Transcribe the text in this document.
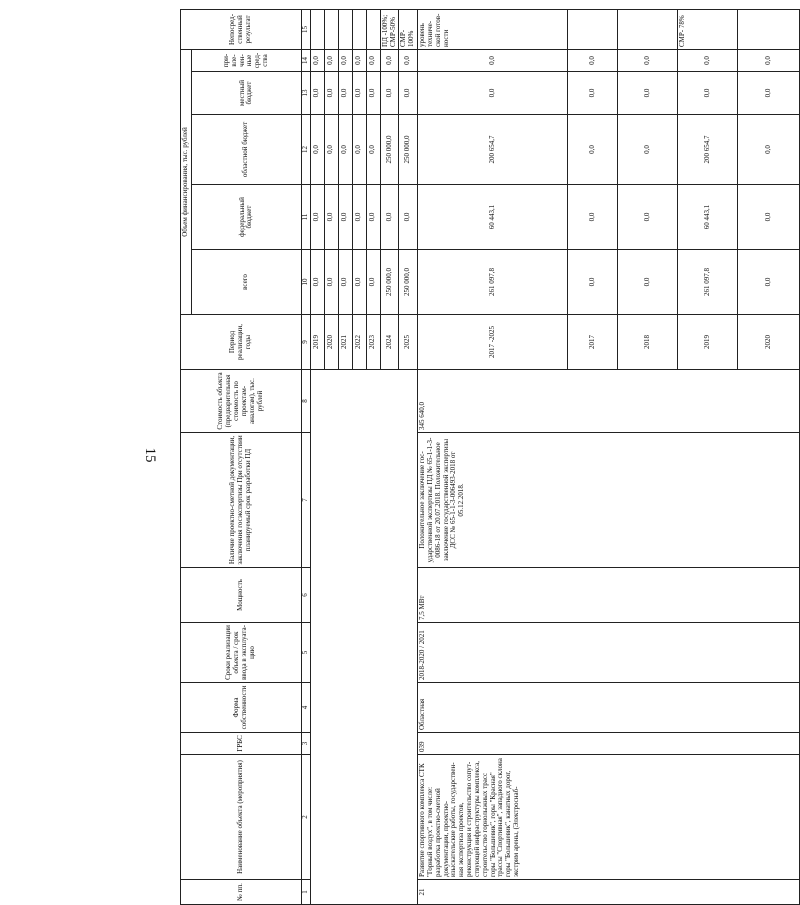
15
№ пп.	Наименование объекта (мероприятия)	ГРБС	Форма собственности	Сроки реализации объекта / срок ввода в эксплуатацию	Мощность	Наличие проектно-сметной документации, заключения госэкспертизы При отсутствии планируемый срок разработки ПД	Стоимость объекта (предварительная стоимость по проектам-аналогам), тыс. рублей	Период реализации, годы	Объем финансирования, тыс. рублей					Непосредственный результат
									всего	федеральный бюджет	областной бюджет	местный бюджет	привлеченные средства	
1	2	3	4	5	6	7	8	9	10	11	12	13	14	15
								2019	0,0	0,0	0,0	0,0	0,0	
								2020	0,0	0,0	0,0	0,0	0,0	
								2021	0,0	0,0	0,0	0,0	0,0	
								2022	0,0	0,0	0,0	0,0	0,0	
								2023	0,0	0,0	0,0	0,0	0,0	
								2024	250 000,0	0,0	250 000,0	0,0	0,0	ПД -100%; СМР-50%
								2025	250 000,0	0,0	250 000,0	0,0	0,0	СМР- 100%
21	Развитие спортивного комплекса СТК "Горный воздух", в том числе: разработка проектно-сметной документации, проектно-изыскательские работы, государственная экспертиза проектов, реконструкция и строительство сопутствующей инфраструктуры комплекса, строительство горнолыжных трасс горы "Большевик", горы "Красная" трассы "Спортивная", западного склона горы "Большевик", канатных дорог, экстрим арены, (Электроснаб-	039	Областная	2018-2020 / 2021	7,5 МВт	Положительное заключение государственной экспертизы ПД № 65-1-1-3-0086-18 от 20.07.2018. Положительное заключение государственной экспертизы ДСС № 65-1-1-3-006493-2018 от 05.12.2018.	345 640,0	2017 -2025	261 097,8	60 443,1	200 654,7	0,0	0,0	уровень технической готовности
								2017	0,0	0,0	0,0	0,0	0,0	
								2018	0,0	0,0	0,0	0,0	0,0	
								2019	261 097,8	60 443,1	200 654,7	0,0	0,0	СМР- 78%
								2020	0,0	0,0	0,0	0,0	0,0	
